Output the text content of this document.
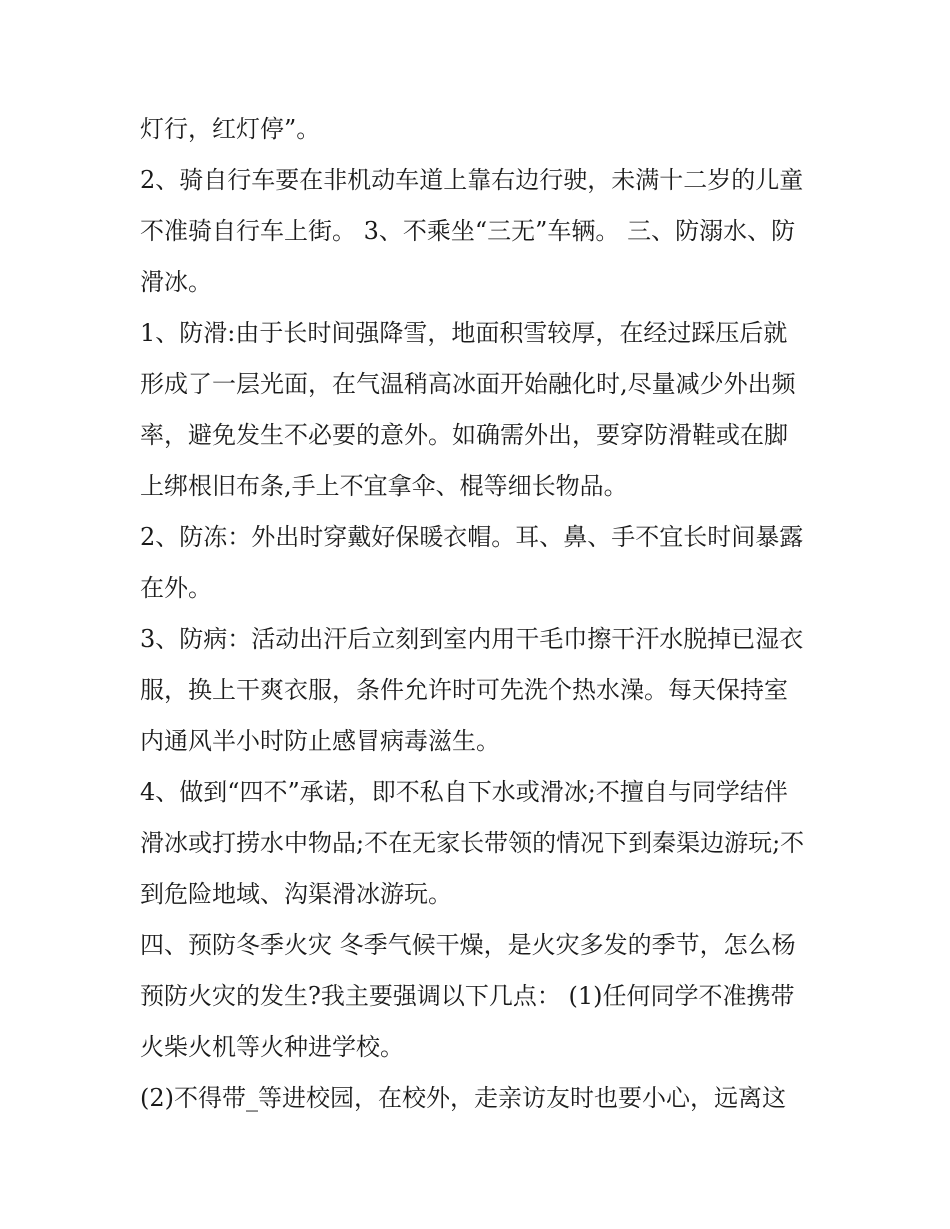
灯行，红灯停”。

2、骑自行车要在非机动车道上靠右边行驶，未满十二岁的儿童不准骑自行车上街。 3、不乘坐“三无”车辆。 三、防溺水、防滑冰。

1、防滑:由于长时间强降雪，地面积雪较厚，在经过踩压后就形成了一层光面，在气温稍高冰面开始融化时,尽量减少外出频率，避免发生不必要的意外。如确需外出，要穿防滑鞋或在脚上绑根旧布条,手上不宜拿伞、棍等细长物品。

2、防冻：外出时穿戴好保暖衣帽。耳、鼻、手不宜长时间暴露在外。

3、防病：活动出汗后立刻到室内用干毛巾擦干汗水脱掉已湿衣服，换上干爽衣服，条件允许时可先洗个热水澡。每天保持室内通风半小时防止感冒病毒滋生。

4、做到“四不”承诺，即不私自下水或滑冰;不擅自与同学结伴滑冰或打捞水中物品;不在无家长带领的情况下到秦渠边游玩;不到危险地域、沟渠滑冰游玩。

四、预防冬季火灾 冬季气候干燥，是火灾多发的季节，怎么杨预防火灾的发生?我主要强调以下几点： (1)任何同学不准携带火柴火机等火种进学校。

(2)不得带_等进校园，在校外，走亲访友时也要小心，远离这
